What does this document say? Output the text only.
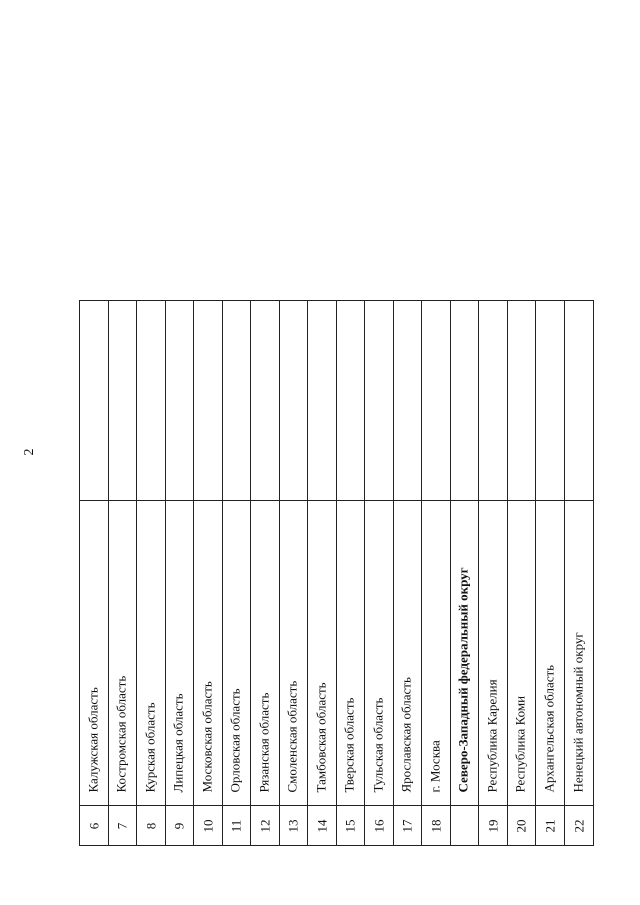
2
Калужская область
6
Костромская область
7
Курская область
8
Липецкая область
9
Московская область
10
Орловская область
11
Рязанская область
12
Смоленская область
13
Тамбовская область
14
Тверская область
15
Тульская область
16
Ярославская область
17
г. Москва
18
Северо-Западный федеральный округ Республика Карелия
19
Республика Коми
20
Архангельская область
21
Ненецкий автономный округ
22
